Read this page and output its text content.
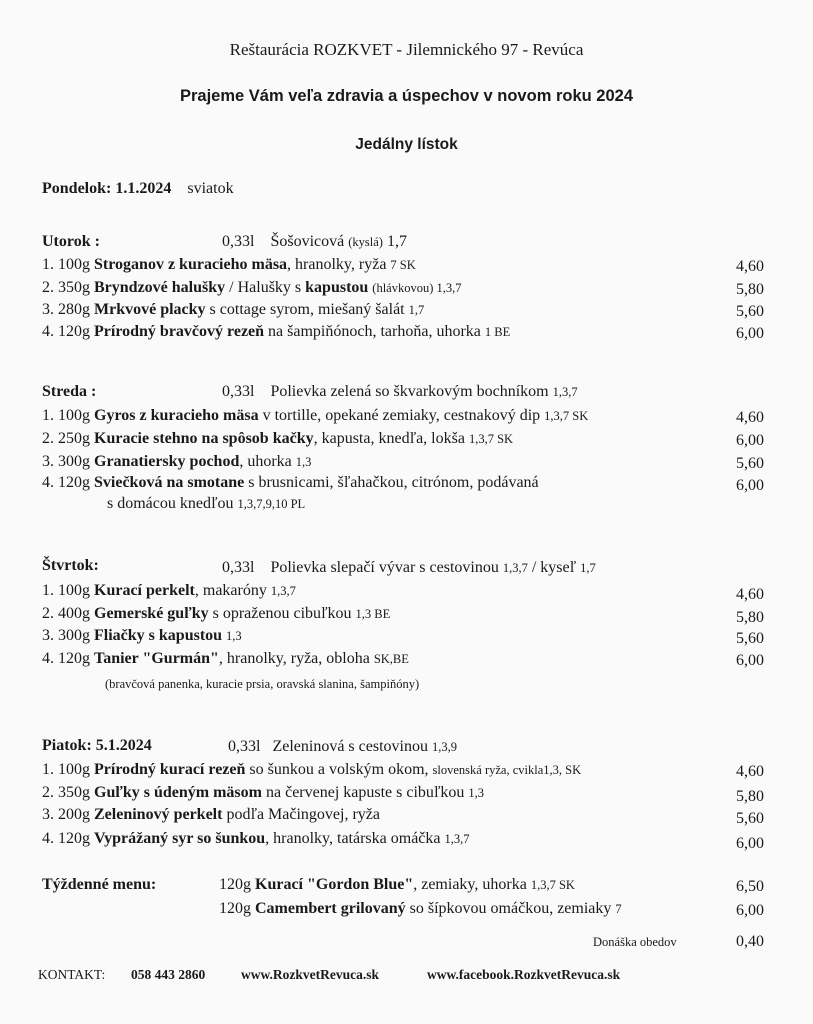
Reštaurácia ROZKVET - Jilemnického 97 - Revúca
Prajeme Vám veľa zdravia a úspechov v novom roku 2024
Jedálny lístok
Pondelok: 1.1.2024 sviatok
Utorok :	0,33l Šošovicová (kyslá) 1,7
1. 100g Stroganov z kuracieho mäsa, hranolky, ryža 7 SK	4,60
2. 350g Bryndzové halušky / Halušky s kapustou (hlávkovou) 1,3,7	5,80
3. 280g Mrkvové placky s cottage syrom, miešaný šalát 1,7	5,60
4. 120g Prírodný bravčový rezeň na šampiňónoch, tarhoňa, uhorka 1 BE	6,00
Streda :	0,33l Polievka zelená so škvarkovým bochníkom 1,3,7
1. 100g Gyros z kuracieho mäsa v tortille, opekané zemiaky, cestnakový dip 1,3,7 SK	4,60
2. 250g Kuracie stehno na spôsob kačky, kapusta, knedľa, lokša 1,3,7 SK	6,00
3. 300g Granatiersky pochod, uhorka 1,3	5,60
4. 120g Sviečková na smotane s brusnicami, šľahačkou, citrónom, podávaná	6,00
s domácou knedľou 1,3,7,9,10 PL
Štvrtok:	0,33l Polievka slepačí vývar s cestovinou 1,3,7 / kyseľ 1,7
1. 100g Kurací perkelt, makaróny 1,3,7	4,60
2. 400g Gemerské guľky s opraženou cibuľkou 1,3 BE	5,80
3. 300g Fliačky s kapustou 1,3	5,60
4. 120g Tanier "Gurmán", hranolky, ryža, obloha SK,BE	6,00
(bravčová panenka, kuracie prsia, oravská slanina, šampiňóny)
Piatok: 5.1.2024	0,33l Zeleninová s cestovinou 1,3,9
1. 100g Prírodný kurací rezeň so šunkou a volským okom, slovenská ryža, cvikla1,3, SK	4,60
2. 350g Guľky s údeným mäsom na červenej kapuste s cibuľkou 1,3	5,80
3. 200g Zeleninový perkelt podľa Mačingovej, ryža	5,60
4. 120g Vyprážaný syr so šunkou, hranolky, tatárska omáčka 1,3,7	6,00
Týždenné menu:	120g Kurací "Gordon Blue", zemiaky, uhorka 1,3,7 SK	6,50
120g Camembert grilovaný so šípkovou omáčkou, zemiaky 7	6,00
Donáška obedov	0,40
KONTAKT: 058 443 2860	www.RozkvetRevuca.sk	www.facebook.RozkvetRevuca.sk
